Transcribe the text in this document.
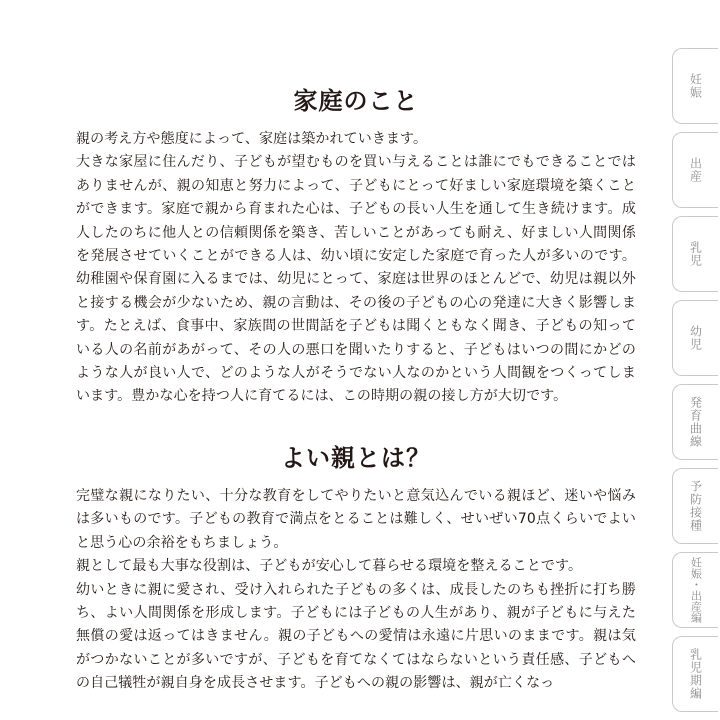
家庭のこと

親の考え方や態度によって、家庭は築かれていきます。

大きな家屋に住んだり、子どもが望むものを買い与えることは誰にでもできることではありませんが、親の知恵と努力によって、子どもにとって好ましい家庭環境を築くことができます。家庭で親から育まれた心は、子どもの長い人生を通して生き続けます。成人したのちに他人との信頼関係を築き、苦しいことがあっても耐え、好ましい人間関係を発展させていくことができる人は、幼い頃に安定した家庭で育った人が多いのです。幼稚園や保育園に入るまでは、幼児にとって、家庭は世界のほとんどで、幼児は親以外と接する機会が少ないため、親の言動は、その後の子どもの心の発達に大きく影響します。たとえば、食事中、家族間の世間話を子どもは聞くともなく聞き、子どもの知っている人の名前があがって、その人の悪口を聞いたりすると、子どもはいつの間にかどのような人が良い人で、どのような人がそうでない人なのかという人間観をつくってしまいます。豊かな心を持つ人に育てるには、この時期の親の接し方が大切です。

よい親とは？

完璧な親になりたい、十分な教育をしてやりたいと意気込んでいる親ほど、迷いや悩みは多いものです。子どもの教育で満点をとることは難しく、せいぜい70点くらいでよいと思う心の余裕をもちましょう。

親として最も大事な役割は、子どもが安心して暮らせる環境を整えることです。

幼いときに親に愛され、受け入れられた子どもの多くは、成長したのちも挫折に打ち勝ち、よい人間関係を形成します。子どもには子どもの人生があり、親が子どもに与えた無償の愛は返ってはきません。親の子どもへの愛情は永遠に片思いのままです。親は気がつかないことが多いですが、子どもを育てなくてはならないという責任感、子どもへの自己犠牲が親自身を成長させます。子どもへの親の影響は、親が亡くなっ

妊娠
出産
乳児
幼児
発育曲線
予防接種
妊娠・出産編
乳児期編
